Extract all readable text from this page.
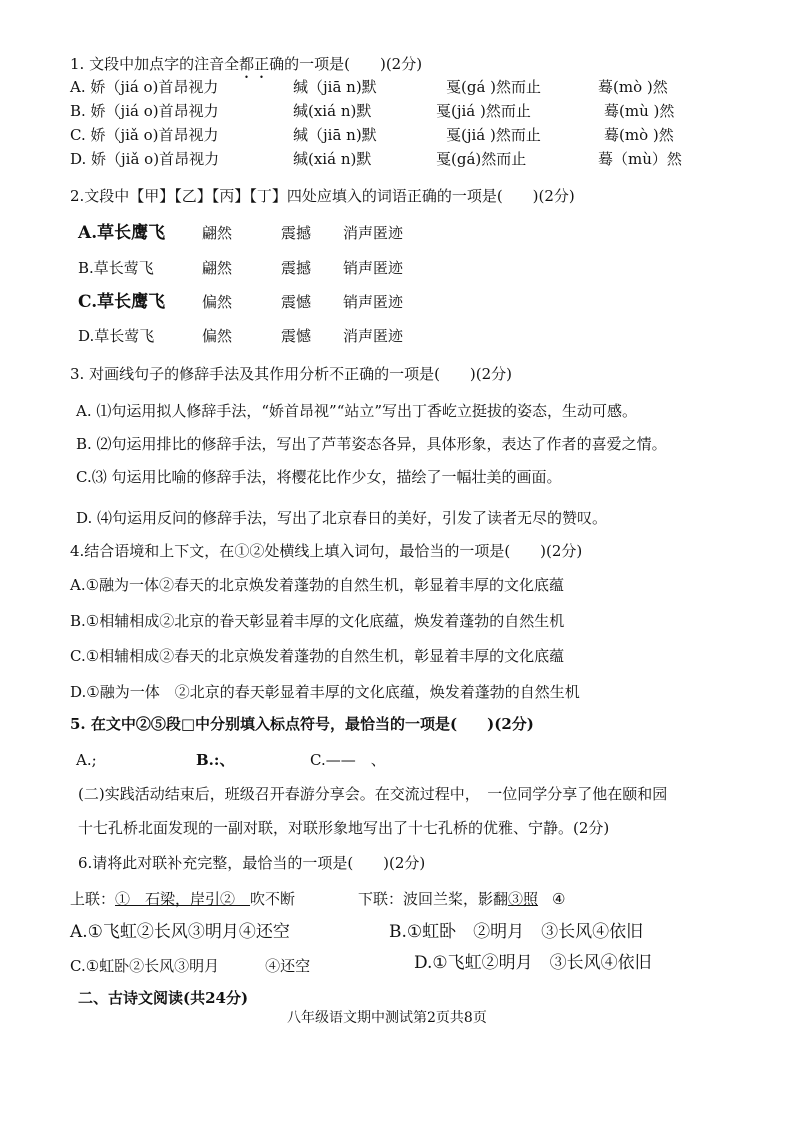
1. 文段中加点字的注音全都正确的一项是(　　)(2分)
A. 娇（jiá o)首昂视力	缄（jiā n)默	戛(gá )然而止	蓦(mò )然
B. 娇（jiá o)首昂视力	缄(xiá n)默	戛(jiá )然而止	蓦(mù )然
C. 娇（jiǎ o)首昂视力	缄（jiā n)默	戛(jiá )然而止	蓦(mò )然
D. 娇（jiǎ o)首昂视力	缄(xiá n)默	戛(gá)然而止	蓦（mù）然
2.文段中【甲】【乙】【丙】【丁】四处应填入的词语正确的一项是(　　)(2分)
A.草长鹰飞 翩然	震撼 消声匿迹
B.草长莺飞	翩然	震撼 销声匿迹
C.草长鹰飞 偏然	震憾 销声匿迹
D.草长莺飞	偏然	震憾 消声匿迹
3. 对画线句子的修辞手法及其作用分析不正确的一项是(　　)(2分)
A. ⑴句运用拟人修辞手法，“娇首昂视”“站立”写出丁香屹立挺拔的姿态，生动可感。
B. ⑵句运用排比的修辞手法，写出了芦苇姿态各异，具体形象，表达了作者的喜爱之情。
C.⑶ 句运用比喻的修辞手法，将樱花比作少女，描绘了一幅壮美的画面。
D. ⑷句运用反问的修辞手法，写出了北京春日的美好，引发了读者无尽的赞叹。
4.结合语境和上下文，在①②处横线上填入词句，最恰当的一项是(　　)(2分)
A.①融为一体②春天的北京焕发着蓬勃的自然生机，彰显着丰厚的文化底蕴
B.①相辅相成②北京的眷天彰显着丰厚的文化底蕴，焕发着蓬勃的自然生机
C.①相辅相成②春天的北京焕发着蓬勃的自然生机，彰显着丰厚的文化底蕴
D.①融为一体　②北京的春天彰显着丰厚的文化底蕴，焕发着蓬勃的自然生机
5. 在文中②⑤段□中分别填入标点符号，最恰当的一项是(　　)(2分)
A.;	B.:、	C.——　、
(二)实践活动结束后，班级召开春游分享会。在交流过程中，　一位同学分享了他在颐和园
十七孔桥北面发现的一副对联，对联形象地写出了十七孔桥的优雅、宁静。(2分)
6.请将此对联补充完整，最恰当的一项是(　　)(2分)
上联：①　石梁，岸引②　吹不断	下联：波回兰桨，影翻③照 ④
A.①飞虹②长风③明月④还空	B.①虹卧　②明月　③长风④依旧
C.①虹卧②长风③明月	④还空	D.①飞虹②明月　③长风④依旧
二、古诗文阅读(共24分)
八年级语文期中测试第2页共8页
